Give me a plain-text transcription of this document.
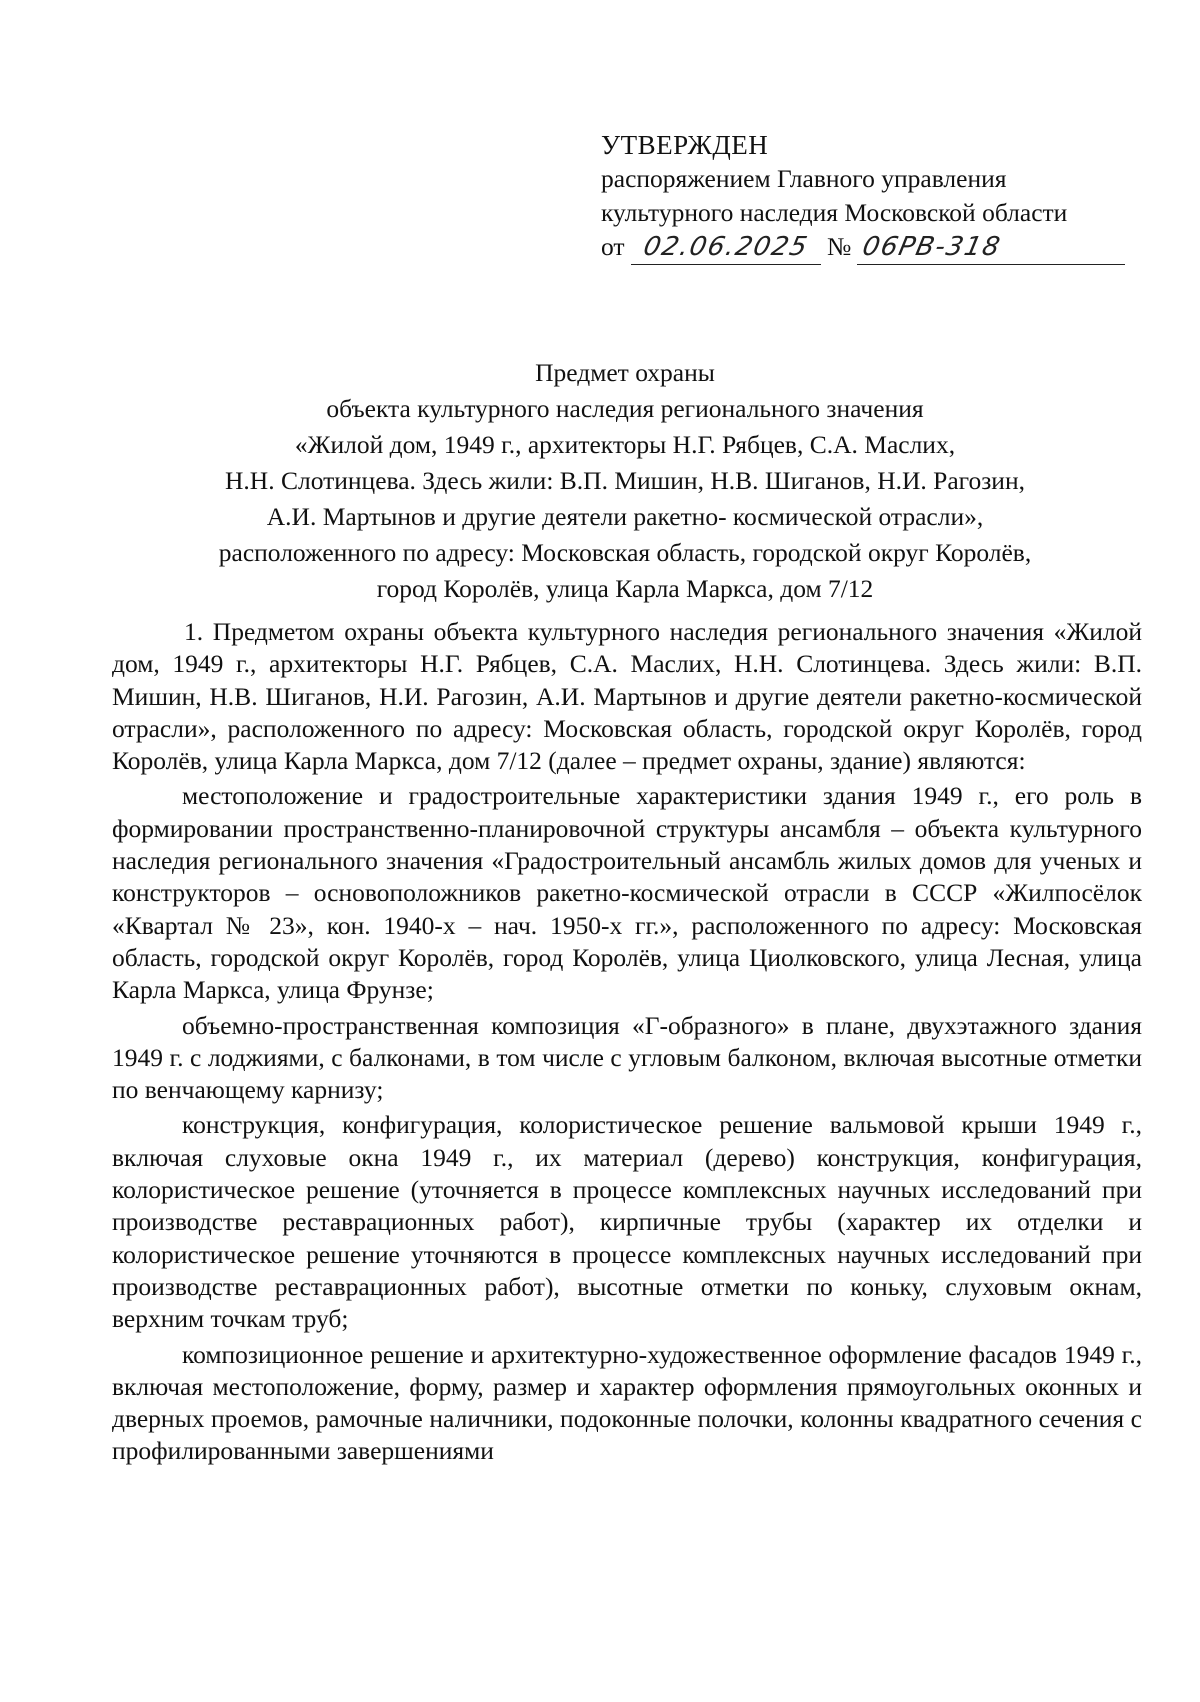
УТВЕРЖДЕН
распоряжением Главного управления
культурного наследия Московской области
от 02.06.2025 № 06РВ-318
Предмет охраны
объекта культурного наследия регионального значения
«Жилой дом, 1949 г., архитекторы Н.Г. Рябцев, С.А. Маслих,
Н.Н. Слотинцева. Здесь жили: В.П. Мишин, Н.В. Шиганов, Н.И. Рагозин,
А.И. Мартынов и другие деятели ракетно- космической отрасли»,
расположенного по адресу: Московская область, городской округ Королёв,
город Королёв, улица Карла Маркса, дом 7/12

1. Предметом охраны объекта культурного наследия регионального значения «Жилой дом, 1949 г., архитекторы Н.Г. Рябцев, С.А. Маслих, Н.Н. Слотинцева. Здесь жили: В.П. Мишин, Н.В. Шиганов, Н.И. Рагозин, А.И. Мартынов и другие деятели ракетно-космической отрасли», расположенного по адресу: Московская область, городской округ Королёв, город Королёв, улица Карла Маркса, дом 7/12 (далее – предмет охраны, здание) являются:

местоположение и градостроительные характеристики здания 1949 г., его роль в формировании пространственно-планировочной структуры ансамбля – объекта культурного наследия регионального значения «Градостроительный ансамбль жилых домов для ученых и конструкторов – основоположников ракетно-космической отрасли в СССР «Жилпосёлок «Квартал № 23», кон. 1940-х – нач. 1950-х гг.», расположенного по адресу: Московская область, городской округ Королёв, город Королёв, улица Циолковского, улица Лесная, улица Карла Маркса, улица Фрунзе;

объемно-пространственная композиция «Г-образного» в плане, двухэтажного здания 1949 г. с лоджиями, с балконами, в том числе с угловым балконом, включая высотные отметки по венчающему карнизу;

конструкция, конфигурация, колористическое решение вальмовой крыши 1949 г., включая слуховые окна 1949 г., их материал (дерево) конструкция, конфигурация, колористическое решение (уточняется в процессе комплексных научных исследований при производстве реставрационных работ), кирпичные трубы (характер их отделки и колористическое решение уточняются в процессе комплексных научных исследований при производстве реставрационных работ), высотные отметки по коньку, слуховым окнам, верхним точкам труб;

композиционное решение и архитектурно-художественное оформление фасадов 1949 г., включая местоположение, форму, размер и характер оформления прямоугольных оконных и дверных проемов, рамочные наличники, подоконные полочки, колонны квадратного сечения с профилированными завершениями
